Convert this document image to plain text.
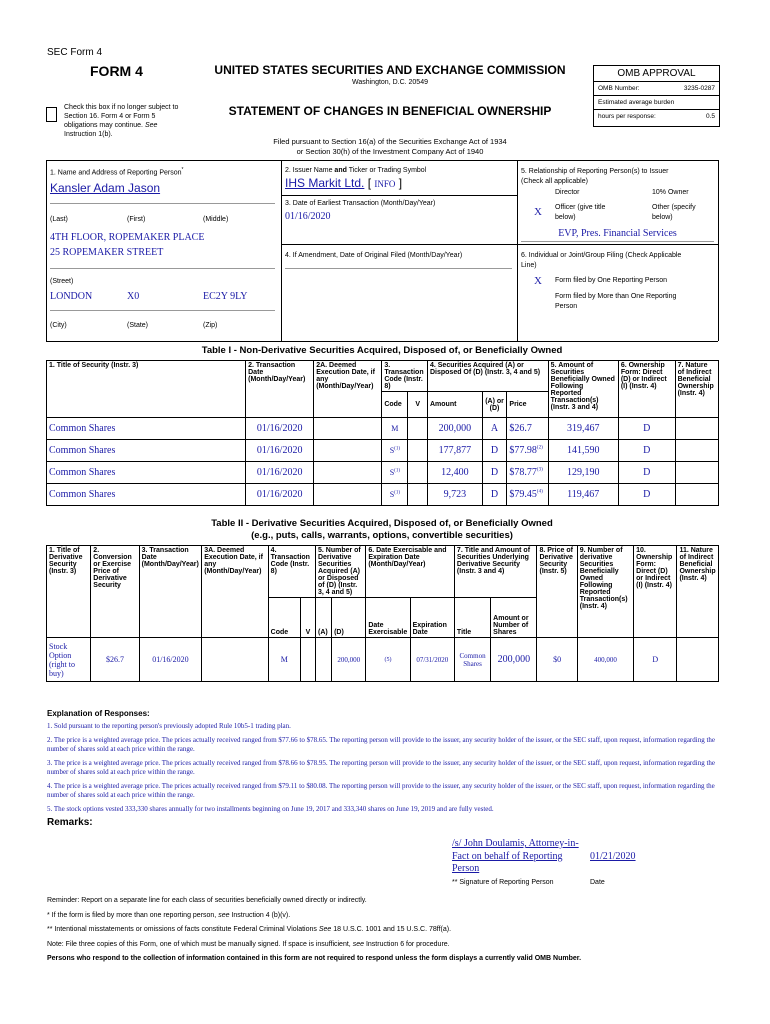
SEC Form 4
FORM 4
Check this box if no longer subject to
Section 16. Form 4 or Form 5
obligations may continue. See
Instruction 1(b).
UNITED STATES SECURITIES AND EXCHANGE COMMISSION
Washington, D.C. 20549
STATEMENT OF CHANGES IN BENEFICIAL OWNERSHIP
Filed pursuant to Section 16(a) of the Securities Exchange Act of 1934
or Section 30(h) of the Investment Company Act of 1940
OMB APPROVAL
OMB Number:	3235-0287
Estimated average burden
hours per response:	0.5
1. Name and Address of Reporting Person*
Kansler Adam Jason
(Last)	(First)	(Middle)
4TH FLOOR, ROPEMAKER PLACE
25 ROPEMAKER STREET
(Street)
LONDON	X0	EC2Y 9LY
(City)	(State)	(Zip)
2. Issuer Name and Ticker or Trading Symbol
IHS Markit Ltd. [ INFO ]
3. Date of Earliest Transaction (Month/Day/Year)
01/16/2020
4. If Amendment, Date of Original Filed (Month/Day/Year)
5. Relationship of Reporting Person(s) to Issuer
(Check all applicable)
Director	10% Owner
X Officer (give title
below)
Other (specify
below)
EVP, Pres. Financial Services
6. Individual or Joint/Group Filing (Check Applicable
Line)
X Form filed by One Reporting Person
Form filed by More than One Reporting
Person
Table I - Non-Derivative Securities Acquired, Disposed of, or Beneficially Owned
1. Title of Security (Instr. 3)	2. Transaction Date (Month/Day/Year)	2A. Deemed Execution Date, if any (Month/Day/Year)	3. Transaction Code (Instr. 8)		4. Securities Acquired (A) or Disposed Of (D) (Instr. 3, 4 and 5)			5. Amount of Securities Beneficially Owned Following Reported Transaction(s) (Instr. 3 and 4)	6. Ownership Form: Direct (D) or Indirect (I) (Instr. 4)	7. Nature of Indirect Beneficial Ownership (Instr. 4)
			Code	V	Amount	(A) or (D)	Price			
Common Shares	01/16/2020		M		200,000	A	$26.7	319,467	D	
Common Shares	01/16/2020		S$^{(1)}$		177,877	D	$77.98$^{(2)}$	141,590	D	
Common Shares	01/16/2020		S$^{(1)}$		12,400	D	$78.77$^{(3)}$	129,190	D	
Common Shares	01/16/2020		S$^{(1)}$		9,723	D	$79.45$^{(4)}$	119,467	D	
Table II - Derivative Securities Acquired, Disposed of, or Beneficially Owned
(e.g., puts, calls, warrants, options, convertible securities)
1. Title of Derivative Security (Instr. 3)	2. Conversion or Exercise Price of Derivative Security	3. Transaction Date (Month/Day/Year)	3A. Deemed Execution Date, if any (Month/Day/Year)	4. Transaction Code (Instr. 8)		5. Number of Derivative Securities Acquired (A) or Disposed of (D) (Instr. 3, 4 and 5)		6. Date Exercisable and Expiration Date (Month/Day/Year)		7. Title and Amount of Securities Underlying Derivative Security (Instr. 3 and 4)		8. Price of Derivative Security (Instr. 5)	9. Number of derivative Securities Beneficially Owned Following Reported Transaction(s) (Instr. 4)	10. Ownership Form: Direct (D) or Indirect (I) (Instr. 4)	11. Nature of Indirect Beneficial Ownership (Instr. 4)
				Code	V	(A)	(D)	Date Exercisable	Expiration Date	Title	Amount or Number of Shares				
Stock Option (right to buy)	$26.7	01/16/2020		M			200,000	(5)	07/31/2020	Common Shares	200,000	$0	400,000	D	
Explanation of Responses:
1. Sold pursuant to the reporting person's previously adopted Rule 10b5-1 trading plan.
2. The price is a weighted average price. The prices actually received ranged from $77.66 to $78.65. The reporting person will provide to the issuer, any security holder of the issuer, or the SEC staff, upon request, information regarding the number of shares sold at each price within the range.
3. The price is a weighted average price. The prices actually received ranged from $78.66 to $78.95. The reporting person will provide to the issuer, any security holder of the issuer, or the SEC staff, upon request, information regarding the number of shares sold at each price within the range.
4. The price is a weighted average price. The prices actually received ranged from $79.11 to $80.08. The reporting person will provide to the issuer, any security holder of the issuer, or the SEC staff, upon request, information regarding the number of shares sold at each price within the range.
5. The stock options vested 333,330 shares annually for two installments beginning on June 19, 2017 and 333,340 shares on June 19, 2019 and are fully vested.
Remarks:
/s/ John Doulamis, Attorney-in-
Fact on behalf of Reporting
Person
01/21/2020
** Signature of Reporting Person	Date
Reminder: Report on a separate line for each class of securities beneficially owned directly or indirectly.
* If the form is filed by more than one reporting person, see Instruction 4 (b)(v).
** Intentional misstatements or omissions of facts constitute Federal Criminal Violations See 18 U.S.C. 1001 and 15 U.S.C. 78ff(a).
Note: File three copies of this Form, one of which must be manually signed. If space is insufficient, see Instruction 6 for procedure.
Persons who respond to the collection of information contained in this form are not required to respond unless the form displays a currently valid OMB Number.
